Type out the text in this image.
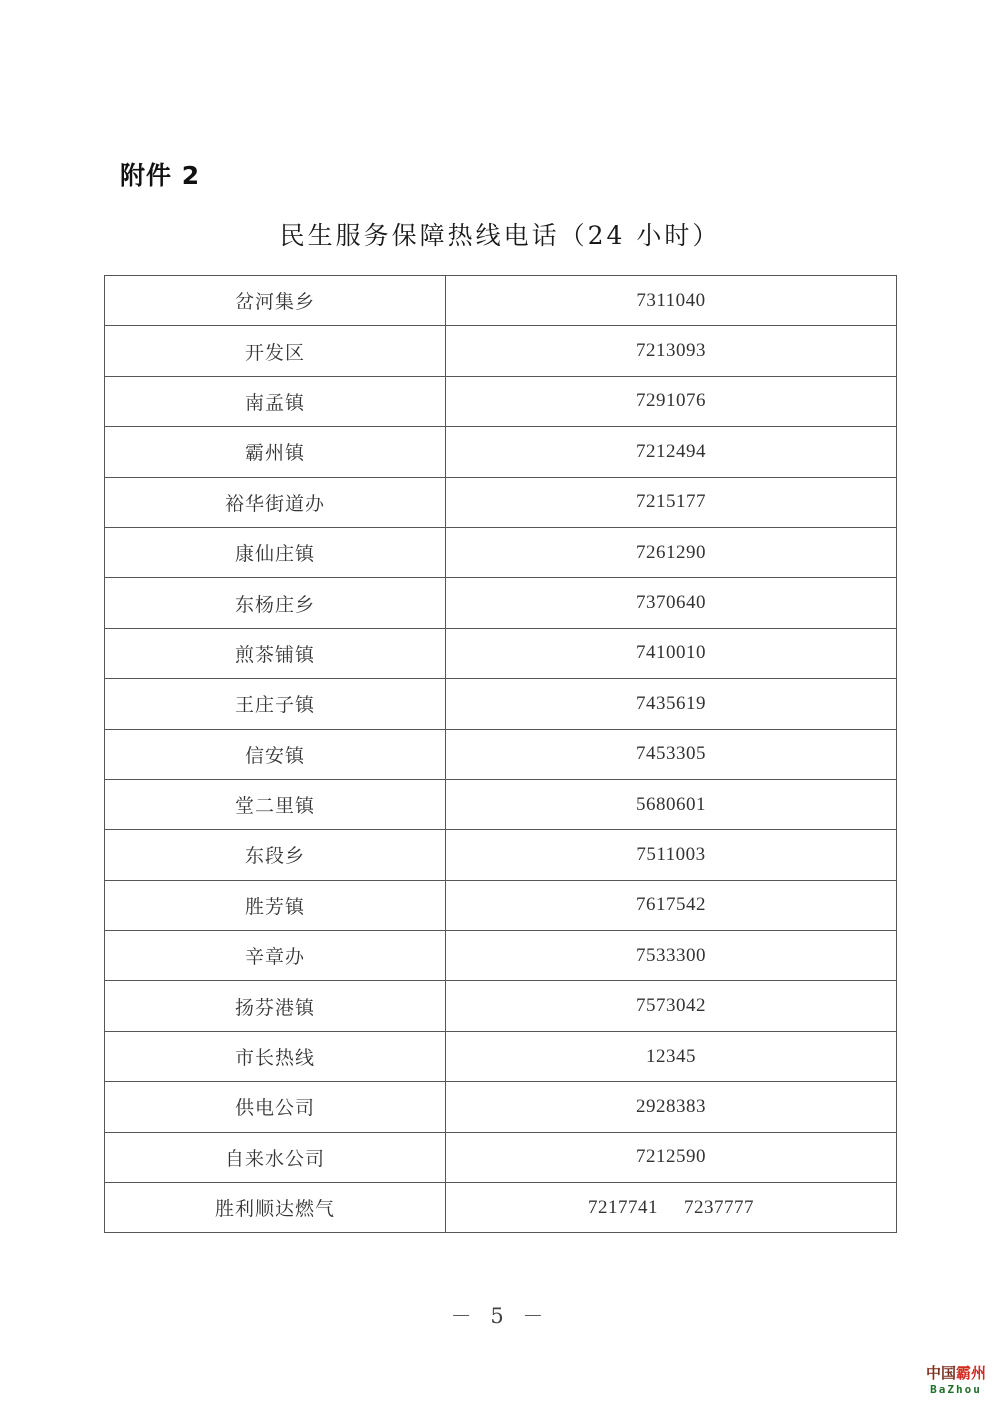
附件 2
民生服务保障热线电话（24 小时）
岔河集乡	7311040
开发区	7213093
南孟镇	7291076
霸州镇	7212494
裕华街道办	7215177
康仙庄镇	7261290
东杨庄乡	7370640
煎茶铺镇	7410010
王庄子镇	7435619
信安镇	7453305
堂二里镇	5680601
东段乡	7511003
胜芳镇	7617542
辛章办	7533300
扬芬港镇	7573042
市长热线	12345
供电公司	2928383
自来水公司	7212590
胜利顺达燃气	7217741 7237777
－ 5 －
中国霸州
BaZhou
